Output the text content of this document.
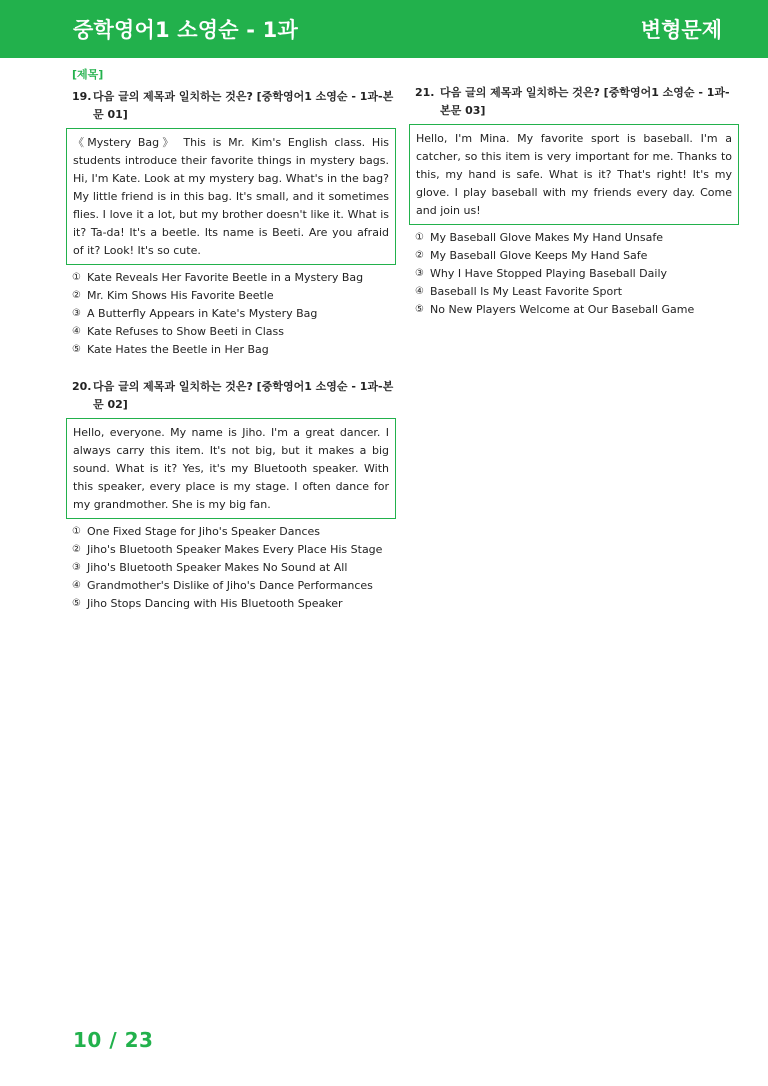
중학영어1 소영순 - 1과	변형문제
[제목]
19. 다음 글의 제목과 일치하는 것은? [중학영어1 소영순 - 1과-본문 01]
《Mystery Bag》 This is Mr. Kim's English class. His students introduce their favorite things in mystery bags. Hi, I'm Kate. Look at my mystery bag. What's in the bag? My little friend is in this bag. It's small, and it sometimes flies. I love it a lot, but my brother doesn't like it. What is it? Ta-da! It's a beetle. Its name is Beeti. Are you afraid of it? Look! It's so cute.
① Kate Reveals Her Favorite Beetle in a Mystery Bag
② Mr. Kim Shows His Favorite Beetle
③ A Butterfly Appears in Kate's Mystery Bag
④ Kate Refuses to Show Beeti in Class
⑤ Kate Hates the Beetle in Her Bag
20. 다음 글의 제목과 일치하는 것은? [중학영어1 소영순 - 1과-본문 02]
Hello, everyone. My name is Jiho. I'm a great dancer. I always carry this item. It's not big, but it makes a big sound. What is it? Yes, it's my Bluetooth speaker. With this speaker, every place is my stage. I often dance for my grandmother. She is my big fan.
① One Fixed Stage for Jiho's Speaker Dances
② Jiho's Bluetooth Speaker Makes Every Place His Stage
③ Jiho's Bluetooth Speaker Makes No Sound at All
④ Grandmother's Dislike of Jiho's Dance Performances
⑤ Jiho Stops Dancing with His Bluetooth Speaker
21. 다음 글의 제목과 일치하는 것은? [중학영어1 소영순 - 1과-본문 03]
Hello, I'm Mina. My favorite sport is baseball. I'm a catcher, so this item is very important for me. Thanks to this, my hand is safe. What is it? That's right! It's my glove. I play baseball with my friends every day. Come and join us!
① My Baseball Glove Makes My Hand Unsafe
② My Baseball Glove Keeps My Hand Safe
③ Why I Have Stopped Playing Baseball Daily
④ Baseball Is My Least Favorite Sport
⑤ No New Players Welcome at Our Baseball Game
10 / 23
